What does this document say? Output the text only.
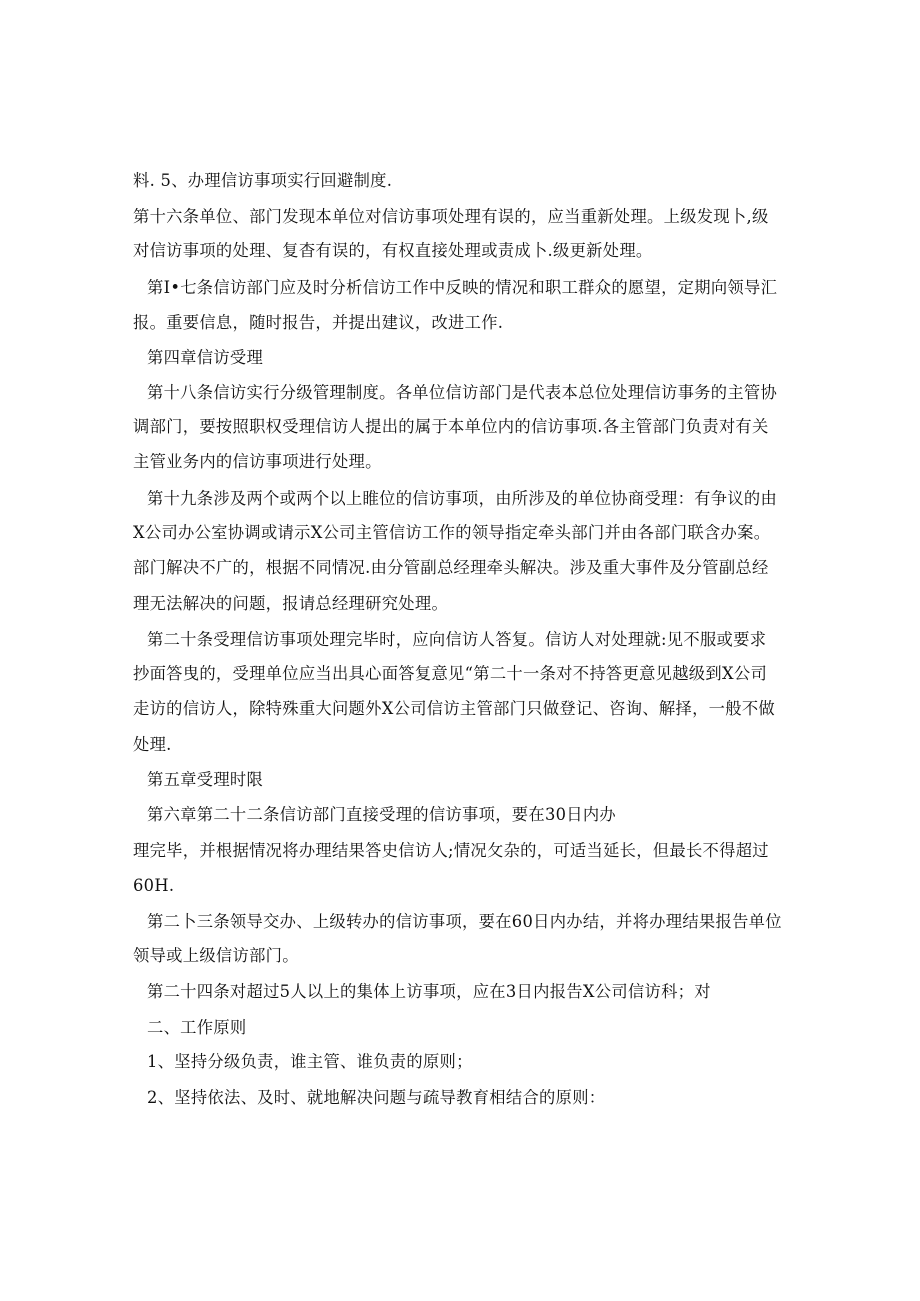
料. 5、办理信访事项实行回避制度.
第十六条单位、部门发现本单位对信访事项处理有误的，应当重新处理。上级发现卜,级
对信访事项的处理、复杳有误的，有权直接处理或责成卜.级更新处理。
第I•七条信访部门应及时分析信访工作中反映的情况和职工群众的愿望，定期向领导汇
报。重要信息，随时报告，并提出建议，改进工作.
第四章信访受理
第十八条信访实行分级管理制度。各单位信访部门是代表本总位处理信访事务的主管协
调部门，要按照职权受理信访人提出的属于本单位内的信访事项.各主管部门负责对有关
主管业务内的信访事项进行处理。
第十九条涉及两个或两个以上睢位的信访事项，由所涉及的单位协商受理：有争议的由
X公司办公室协调或请示X公司主管信访工作的领导指定牵头部门并由各部门联含办案。
部门解决不广的，根据不同情况.由分管副总经理牵头解决。涉及重大事件及分管副总经
理无法解决的问题，报请总经理研究处理。
第二十条受理信访事项处理完毕时，应向信访人答复。信访人对处理就:见不服或要求
抄面答曳的，受理单位应当出具心面答复意见“第二十一条对不持答更意见越级到X公司
走访的信访人，除特殊重大问题外X公司信访主管部门只做登记、咨询、解择，一般不做
处理.
第五章受理时限
第六章第二十二条信访部门直接受理的信访事项，要在30日内办
理完毕，并根据情况将办理结果答史信访人;情况攵杂的，可适当延长，但最长不得超过
60H.
第二卜三条领导交办、上级转办的信访事项，要在60日内办结，并将办理结果报告单位
领导或上级信访部门。
第二十四条对超过5人以上的集体上访事项，应在3日内报告X公司信访科；对
二、工作原则
1、坚持分级负责，谁主管、谁负责的原则；
2、坚持依法、及时、就地解决问题与疏导教育相结合的原则：
